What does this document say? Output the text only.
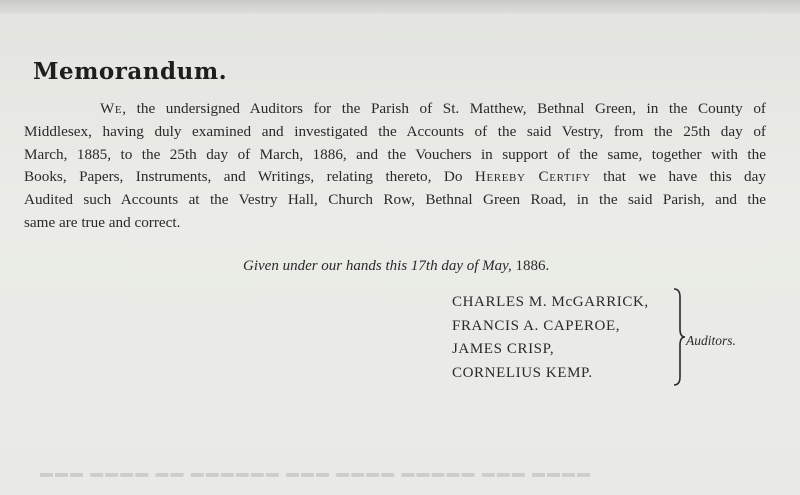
Memorandum.
We, the undersigned Auditors for the Parish of St. Matthew, Bethnal Green, in the County of
Middlesex, having duly examined and investigated the Accounts of the said Vestry, from the 25th day of
March, 1885, to the 25th day of March, 1886, and the Vouchers in support of the same, together with the
Books, Papers, Instruments, and Writings, relating thereto, Do Hereby Certify that we have this day
Audited such Accounts at the Vestry Hall, Church Row, Bethnal Green Road, in the said Parish, and the
same are true and correct.
Given under our hands this 17th day of May, 1886.
CHARLES M. McGARRICK,
FRANCIS A. CAPEROE,
JAMES CRISP,
CORNELIUS KEMP.
Auditors.
▬▬▬ ▬▬▬▬ ▬▬ ▬▬▬▬▬▬ ▬▬▬ ▬▬▬▬ ▬▬▬▬▬ ▬▬▬ ▬▬▬▬
